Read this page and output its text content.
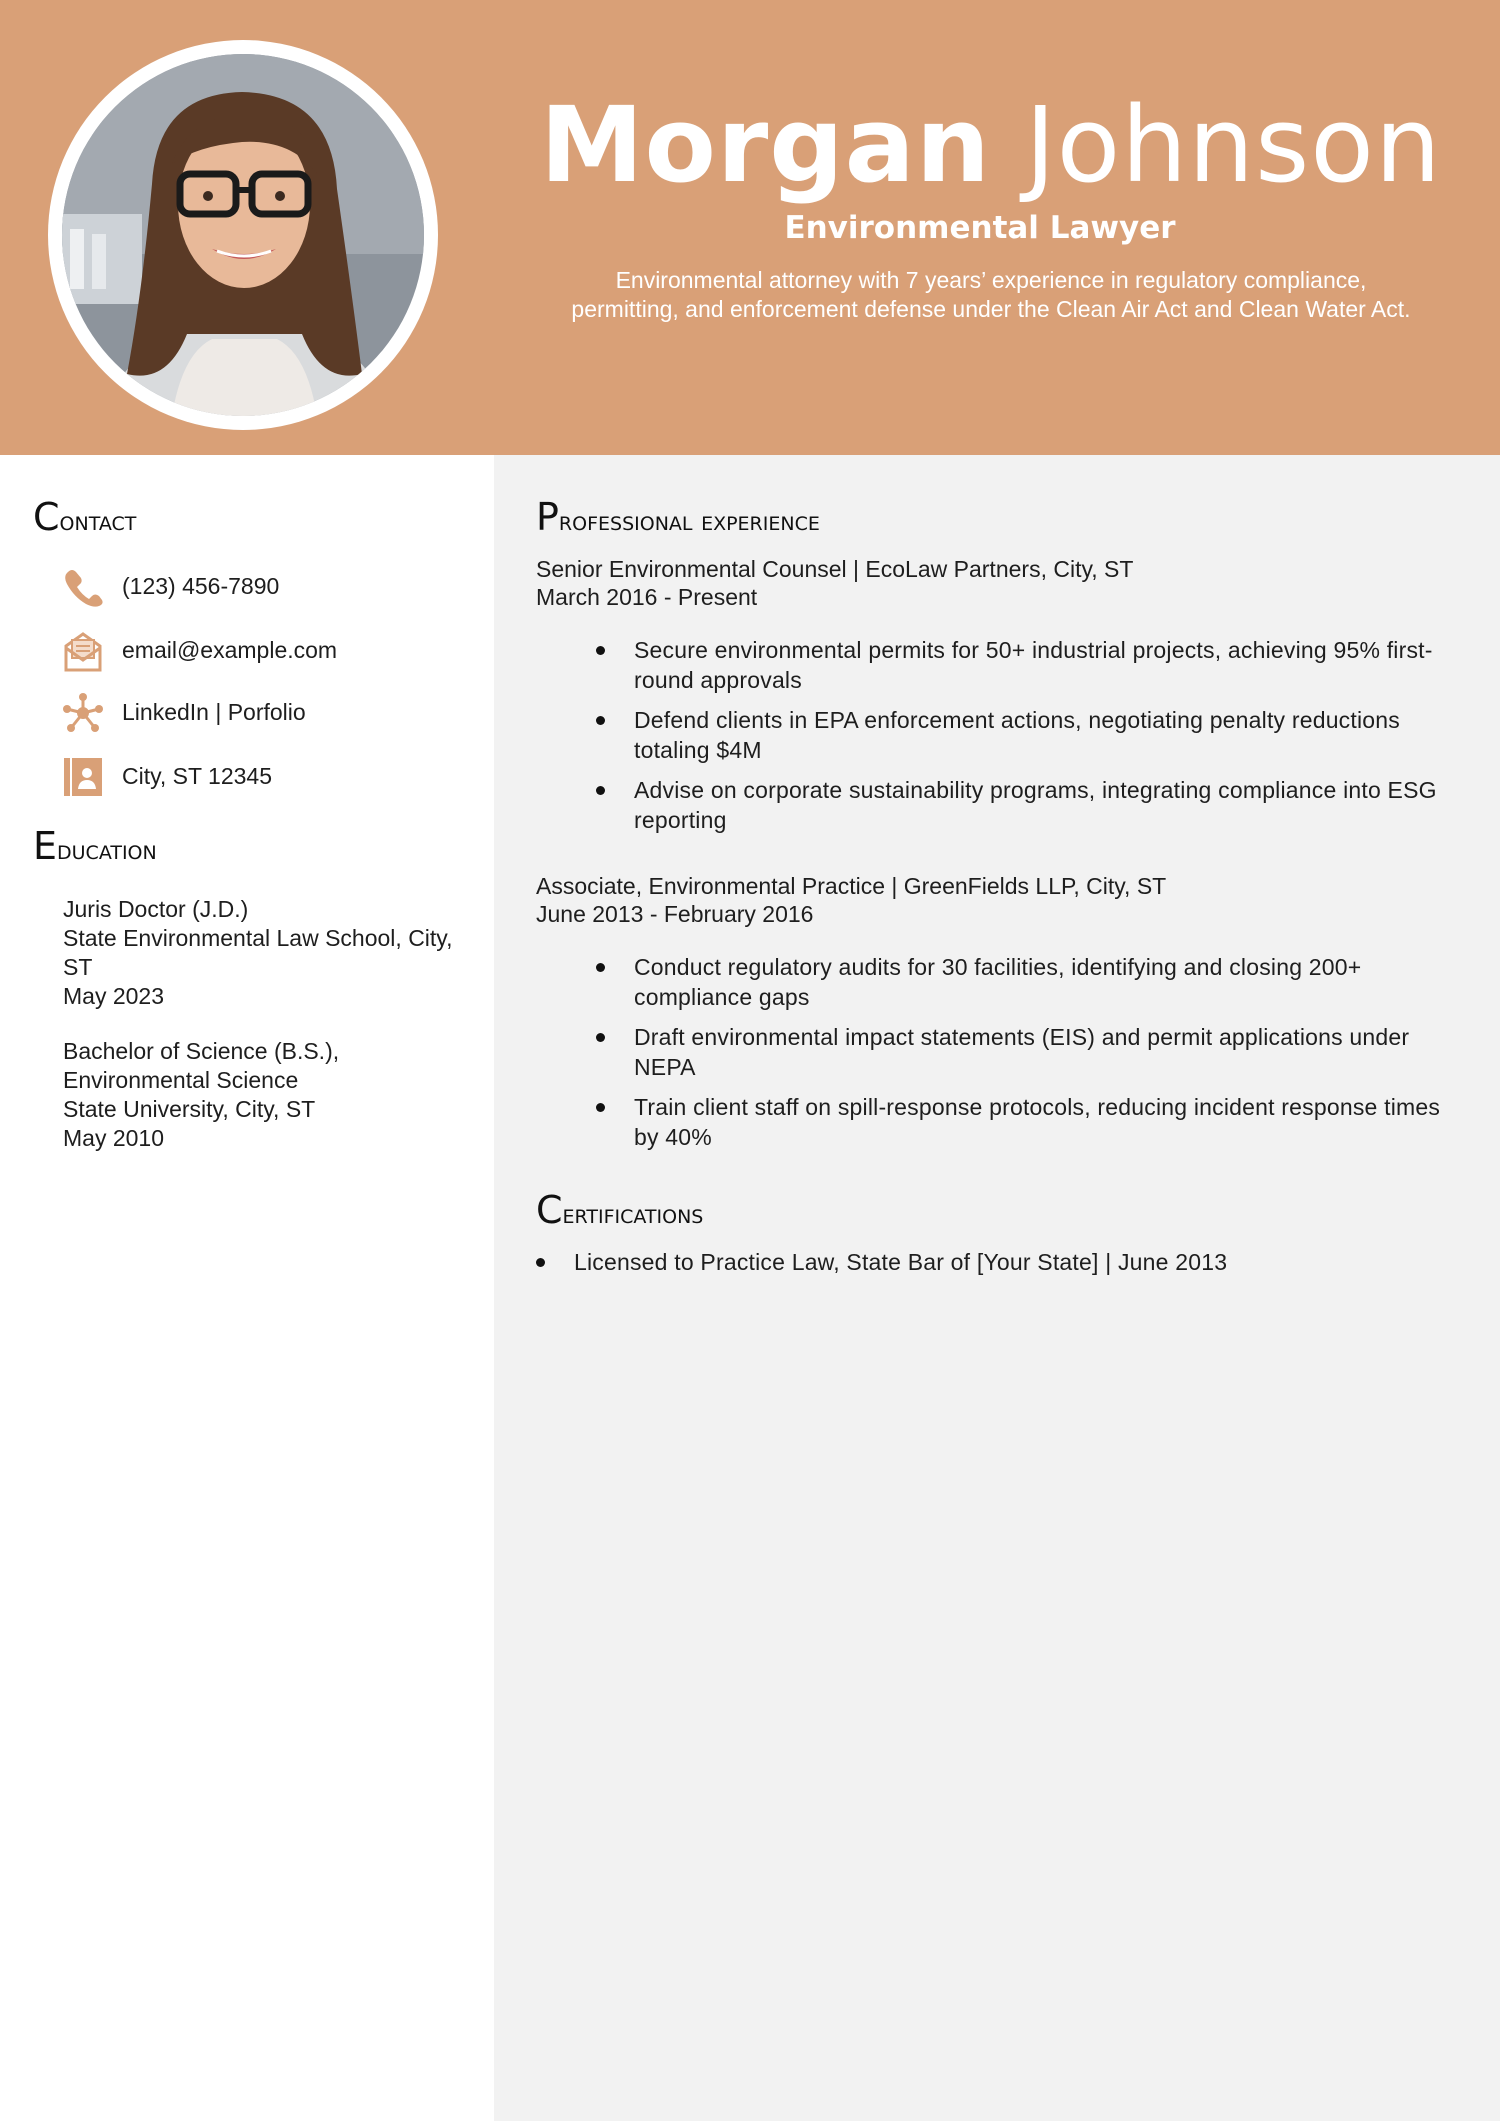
Morgan Johnson
Environmental Lawyer
Environmental attorney with 7 years’ experience in regulatory compliance, permitting, and enforcement defense under the Clean Air Act and Clean Water Act.
Contact
(123) 456-7890
email@example.com
LinkedIn | Porfolio
City, ST 12345
Education
Juris Doctor (J.D.)
State Environmental Law School, City, ST
May 2023
Bachelor of Science (B.S.), Environmental Science
State University, City, ST
May 2010
Professional experience
Senior Environmental Counsel | EcoLaw Partners, City, ST
March 2016 - Present
Secure environmental permits for 50+ industrial projects, achieving 95% first-round approvals
Defend clients in EPA enforcement actions, negotiating penalty reductions totaling $4M
Advise on corporate sustainability programs, integrating compliance into ESG reporting
Associate, Environmental Practice | GreenFields LLP, City, ST
June 2013 - February 2016
Conduct regulatory audits for 30 facilities, identifying and closing 200+ compliance gaps
Draft environmental impact statements (EIS) and permit applications under NEPA
Train client staff on spill-response protocols, reducing incident response times by 40%
Certifications
Licensed to Practice Law, State Bar of [Your State] | June 2013
